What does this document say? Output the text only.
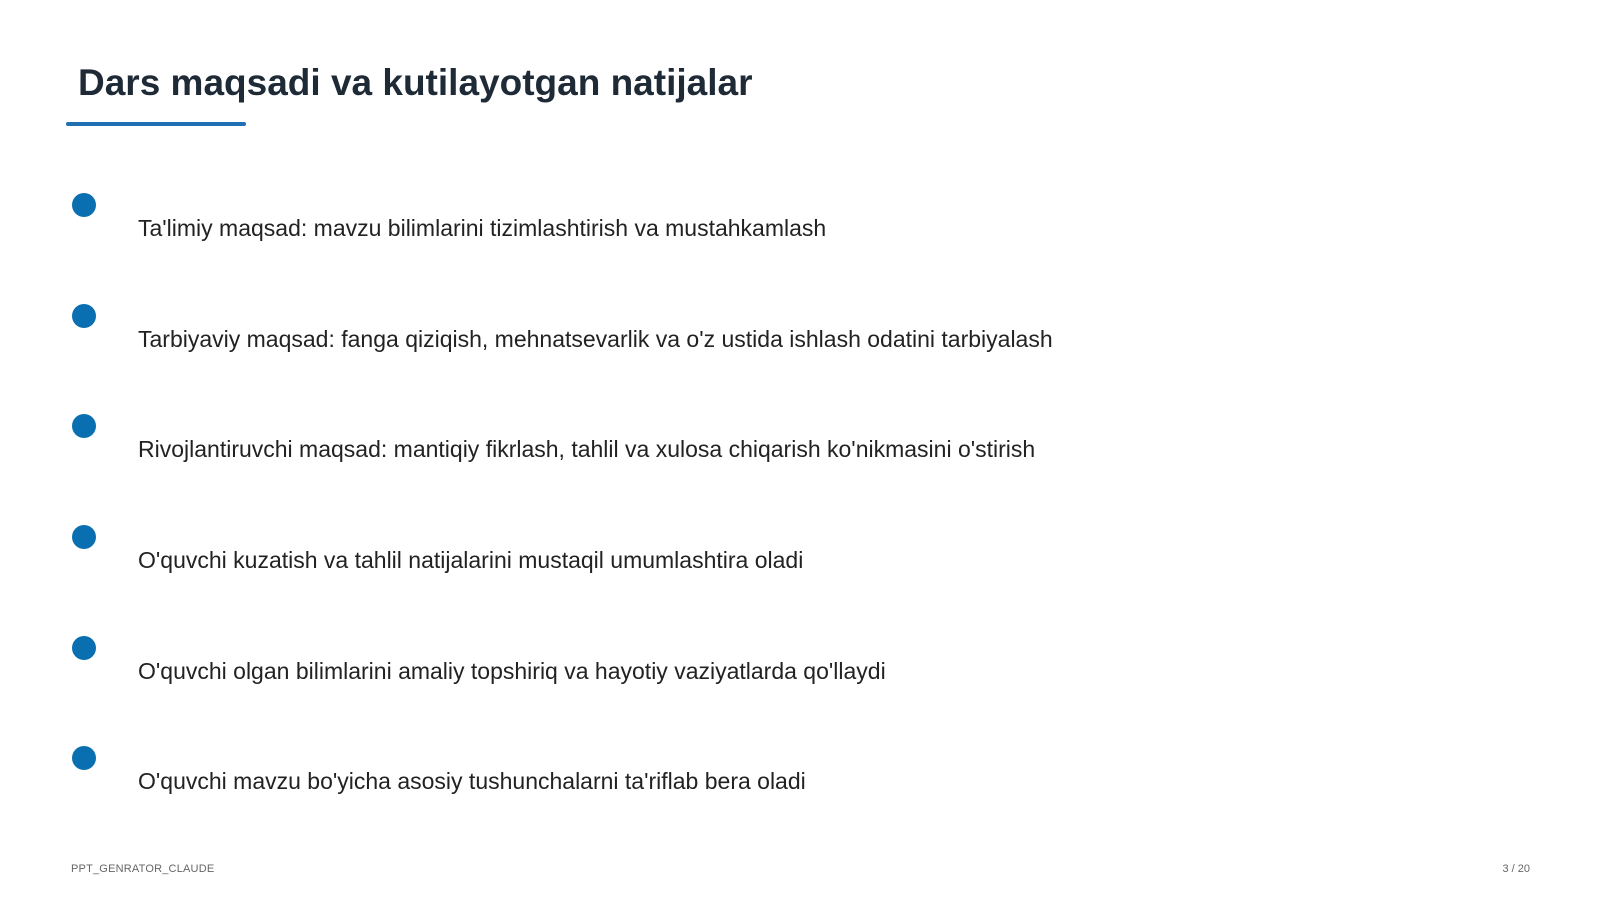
Dars maqsadi va kutilayotgan natijalar
Ta'limiy maqsad: mavzu bilimlarini tizimlashtirish va mustahkamlash
Tarbiyaviy maqsad: fanga qiziqish, mehnatsevarlik va o'z ustida ishlash odatini tarbiyalash
Rivojlantiruvchi maqsad: mantiqiy fikrlash, tahlil va xulosa chiqarish ko'nikmasini o'stirish
O'quvchi kuzatish va tahlil natijalarini mustaqil umumlashtira oladi
O'quvchi olgan bilimlarini amaliy topshiriq va hayotiy vaziyatlarda qo'llaydi
O'quvchi mavzu bo'yicha asosiy tushunchalarni ta'riflab bera oladi
PPT_GENRATOR_CLAUDE	3 / 20
